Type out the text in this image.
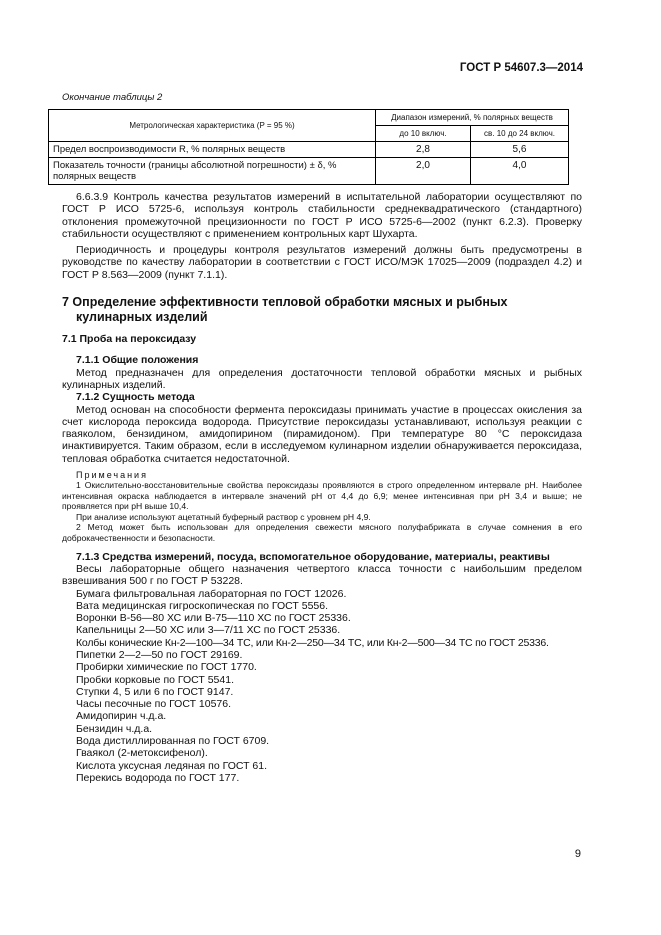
ГОСТ Р 54607.3—2014
Окончание таблицы 2
Метрологическая характеристика (P = 95 %)	Диапазон измерений, % полярных веществ	
	до 10 включ.	св. 10 до 24 включ.
Предел воспроизводимости R, % полярных веществ	2,8	5,6
Показатель точности (границы абсолютной погрешности) ± δ, % полярных веществ	2,0	4,0

6.6.3.9 Контроль качества результатов измерений в испытательной лаборатории осуществляют по ГОСТ Р ИСО 5725-6, используя контроль стабильности среднеквадратического (стандартного) отклонения промежуточной прецизионности по ГОСТ Р ИСО 5725-6—2002 (пункт 6.2.3). Проверку стабильности осуществляют с применением контрольных карт Шухарта.

Периодичность и процедуры контроля результатов измерений должны быть предусмотрены в руководстве по качеству лаборатории в соответствии с ГОСТ ИСО/МЭК 17025—2009 (подраздел 4.2) и ГОСТ Р 8.563—2009 (пункт 7.1.1).

7 Определение эффективности тепловой обработки мясных и рыбных
кулинарных изделий
7.1 Проба на пероксидазу
7.1.1 Общие положения

Метод предназначен для определения достаточности тепловой обработки мясных и рыбных кулинарных изделий.

7.1.2 Сущность метода

Метод основан на способности фермента пероксидазы принимать участие в процессах окисления за счет кислорода пероксида водорода. Присутствие пероксидазы устанавливают, используя реакции с гваяколом, бензидином, амидопирином (пирамидоном). При температуре 80 °С пероксидаза инактивируется. Таким образом, если в исследуемом кулинарном изделии обнаруживается пероксидаза, тепловая обработка считается недостаточной.

Примечания

1 Окислительно-восстановительные свойства пероксидазы проявляются в строго определенном интервале pH. Наиболее интенсивная окраска наблюдается в интервале значений pH от 4,4 до 6,9; менее интенсивная при pH 3,4 и выше; не проявляется при pH выше 10,4.

При анализе используют ацетатный буферный раствор с уровнем pH 4,9.

2 Метод может быть использован для определения свежести мясного полуфабриката в случае сомнения в его доброкачественности и безопасности.

7.1.3 Средства измерений, посуда, вспомогательное оборудование, материалы, реактивы

Весы лабораторные общего назначения четвертого класса точности с наибольшим пределом взвешивания 500 г по ГОСТ Р 53228.

Бумага фильтровальная лабораторная по ГОСТ 12026.

Вата медицинская гигроскопическая по ГОСТ 5556.

Воронки В-56—80 ХС или В-75—110 ХС по ГОСТ 25336.

Капельницы 2—50 ХС или 3—7/11 ХС по ГОСТ 25336.

Колбы конические Кн-2—100—34 ТС, или Кн-2—250—34 ТС, или Кн-2—500—34 ТС по ГОСТ 25336.

Пипетки 2—2—50 по ГОСТ 29169.

Пробирки химические по ГОСТ 1770.

Пробки корковые по ГОСТ 5541.

Ступки 4, 5 или 6 по ГОСТ 9147.

Часы песочные по ГОСТ 10576.

Амидопирин ч.д.а.

Бензидин ч.д.а.

Вода дистиллированная по ГОСТ 6709.

Гваякол (2-метоксифенол).

Кислота уксусная ледяная по ГОСТ 61.

Перекись водорода по ГОСТ 177.

9
